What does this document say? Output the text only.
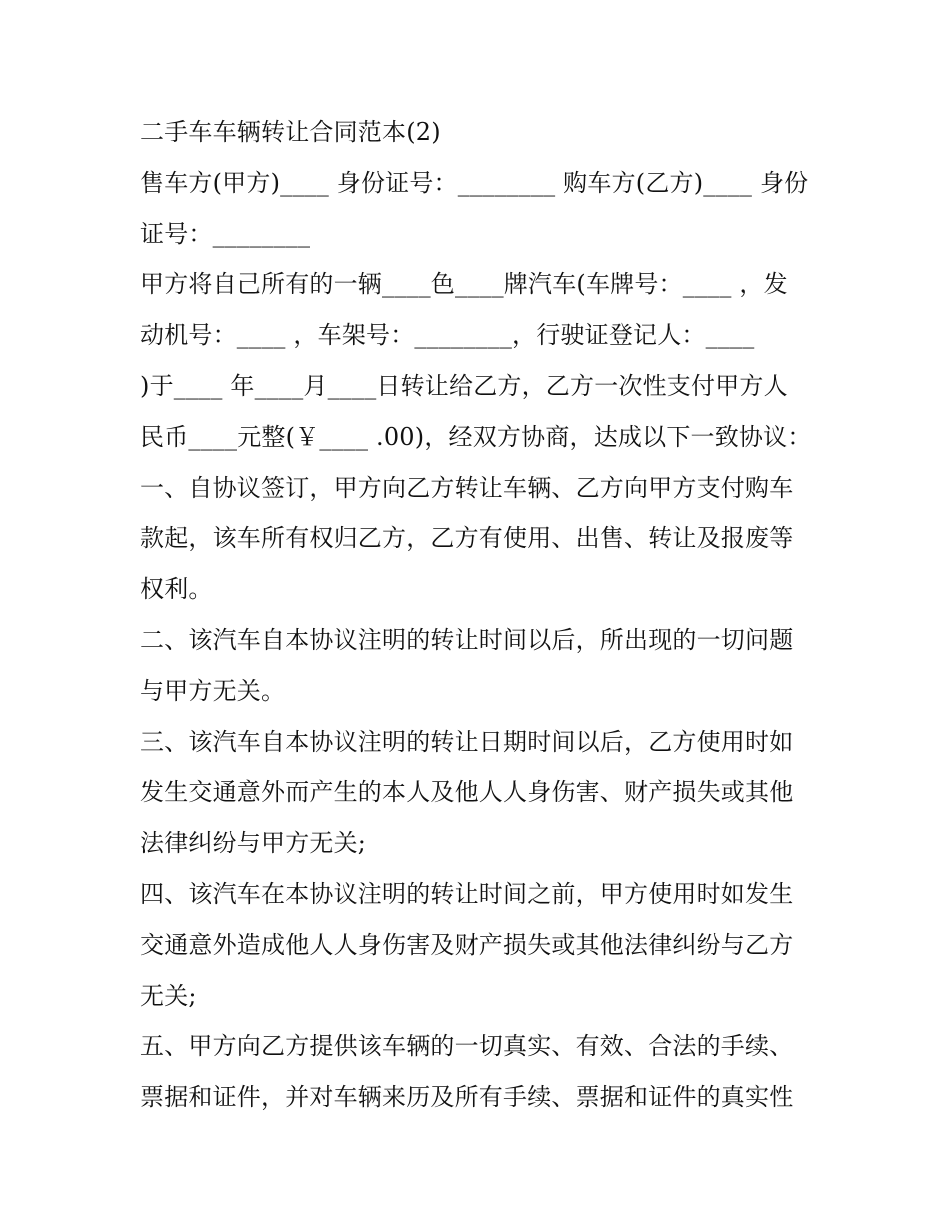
二手车车辆转让合同范本(2)
售车方(甲方)____ 身份证号：________ 购车方(乙方)____ 身份
证号：________
甲方将自己所有的一辆____色____牌汽车(车牌号：____ ，发
动机号：____ ，车架号：________，行驶证登记人：____
)于____ 年____月____日转让给乙方，乙方一次性支付甲方人
民币____元整(￥____ .00)，经双方协商，达成以下一致协议：
一、自协议签订，甲方向乙方转让车辆、乙方向甲方支付购车
款起，该车所有权归乙方，乙方有使用、出售、转让及报废等
权利。
二、该汽车自本协议注明的转让时间以后，所出现的一切问题
与甲方无关。
三、该汽车自本协议注明的转让日期时间以后，乙方使用时如
发生交通意外而产生的本人及他人人身伤害、财产损失或其他
法律纠纷与甲方无关;
四、该汽车在本协议注明的转让时间之前，甲方使用时如发生
交通意外造成他人人身伤害及财产损失或其他法律纠纷与乙方
无关;
五、甲方向乙方提供该车辆的一切真实、有效、合法的手续、
票据和证件，并对车辆来历及所有手续、票据和证件的真实性
